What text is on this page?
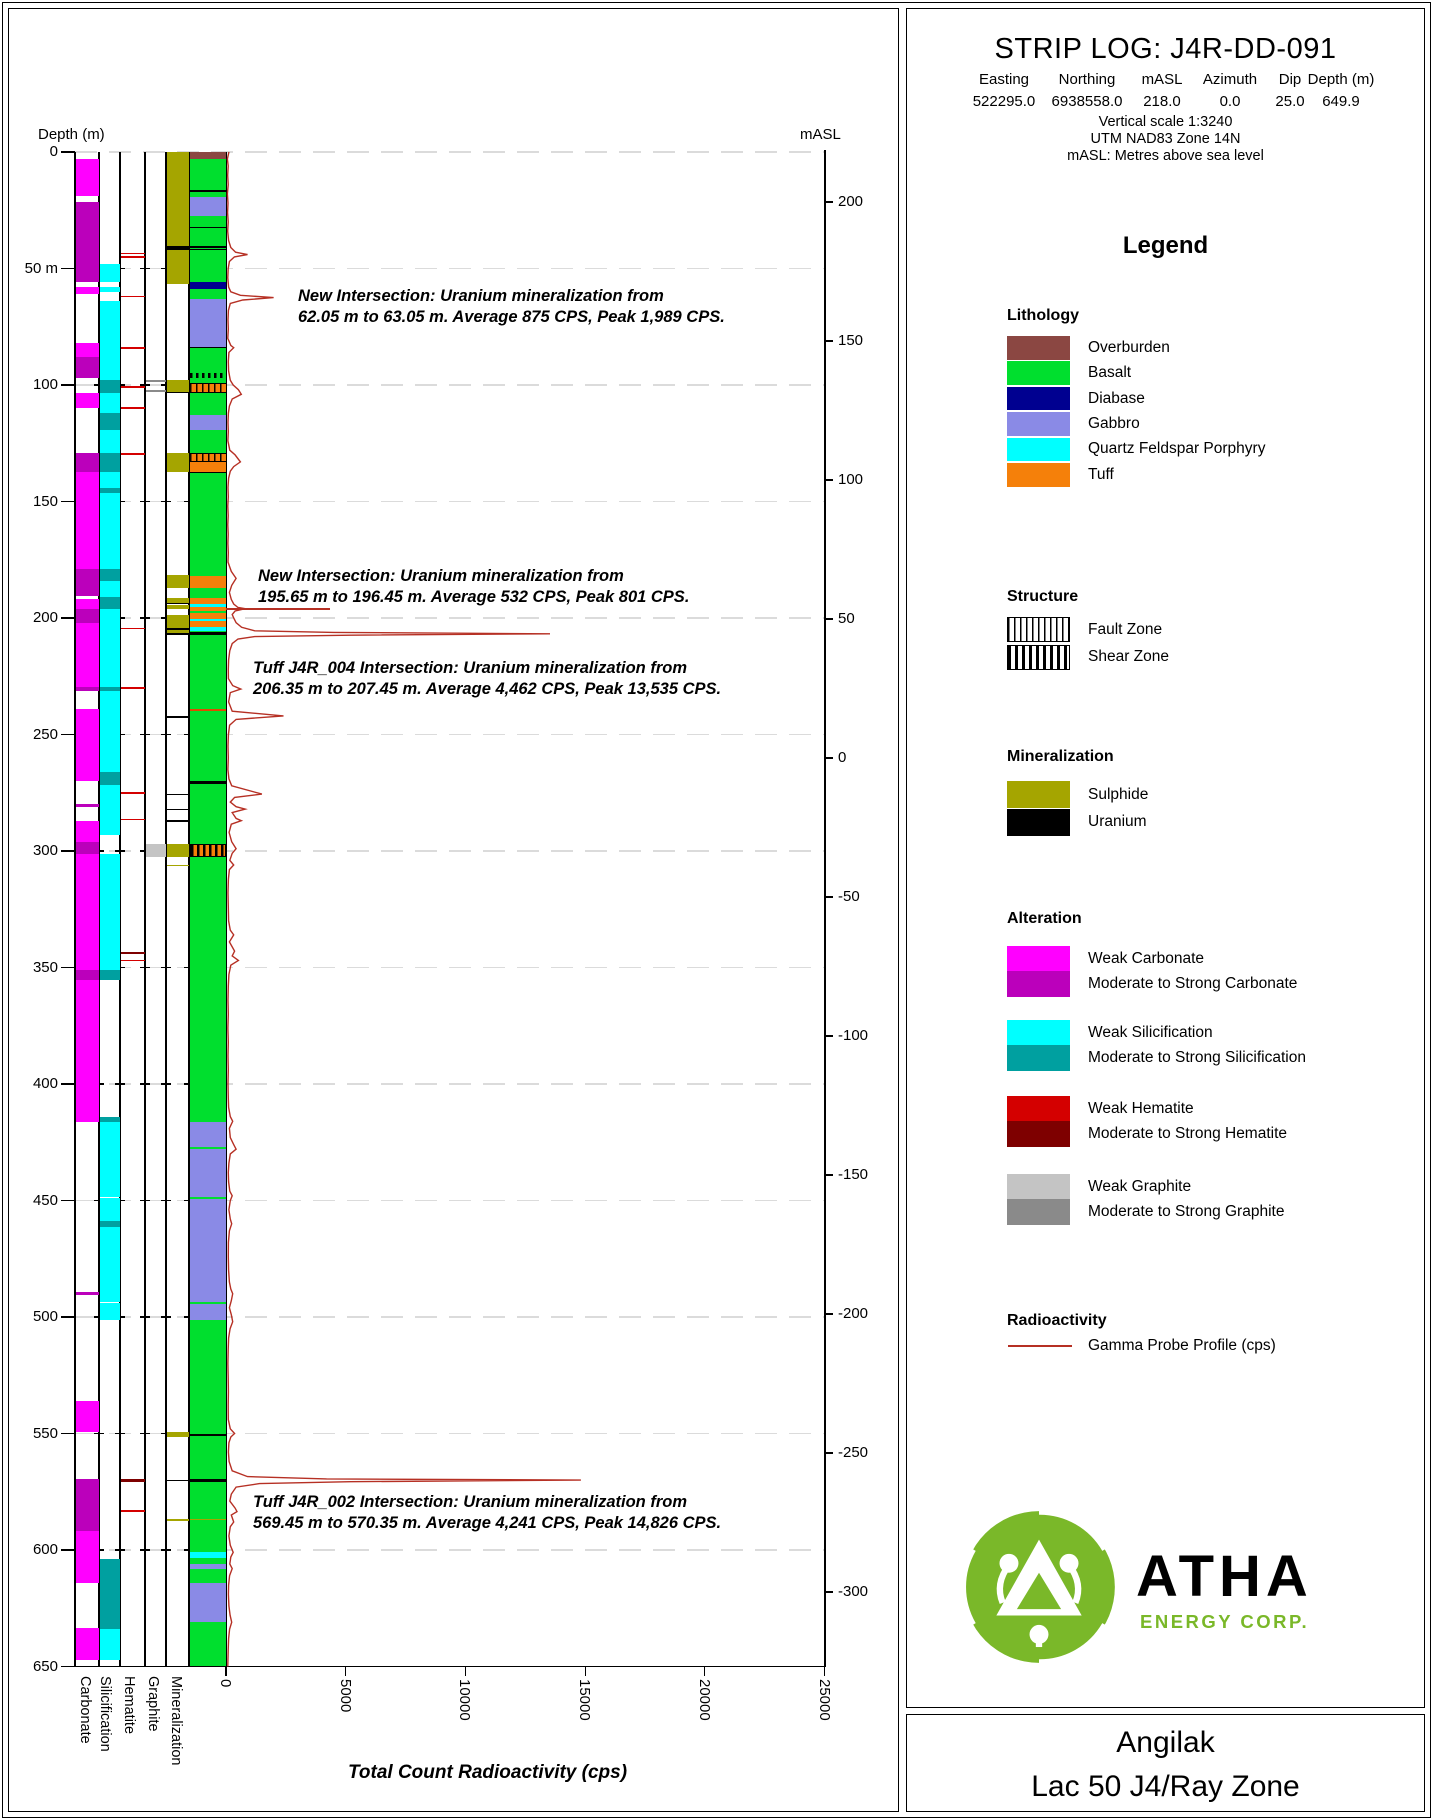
0
50 m
100
150
200
250
300
350
400
450
500
550
600
650
0	5000	10000	15000	20000	25000
Carbonate Silicification Hematite Graphite Mineralization
200
150
100
50
0
-50
-100
-150
-200
-250
-300
New Intersection: Uranium mineralization from
62.05 m to 63.05 m. Average 875 CPS, Peak 1,989 CPS.
New Intersection: Uranium mineralization from
195.65 m to 196.45 m. Average 532 CPS, Peak 801 CPS.
Tuff J4R_004 Intersection: Uranium mineralization from
206.35 m to 207.45 m. Average 4,462 CPS, Peak 13,535 CPS.
Tuff J4R_002 Intersection: Uranium mineralization from
569.45 m to 570.35 m. Average 4,241 CPS, Peak 14,826 CPS.
Depth (m)	mASL
Total Count Radioactivity (cps)
STRIP LOG: J4R-DD-091
Easting
522295.0
Northing
6938558.0
mASL
218.0
Azimuth
0.0
Dip
25.0
Depth (m)
649.9
Vertical scale 1:3240
UTM NAD83 Zone 14N
mASL: Metres above sea level
Legend
Lithology
Overburden
Basalt
Diabase
Gabbro
Quartz Feldspar Porphyry
Tuff
Structure
Fault Zone
Shear Zone
Mineralization
Sulphide
Uranium
Alteration
Weak Carbonate
Moderate to Strong Carbonate
Weak Silicification
Moderate to Strong Silicification
Weak Hematite
Moderate to Strong Hematite
Weak Graphite
Moderate to Strong Graphite
Radioactivity
Gamma Probe Profile (cps)
ATHA
ENERGY CORP.
Angilak
Lac 50 J4/Ray Zone
